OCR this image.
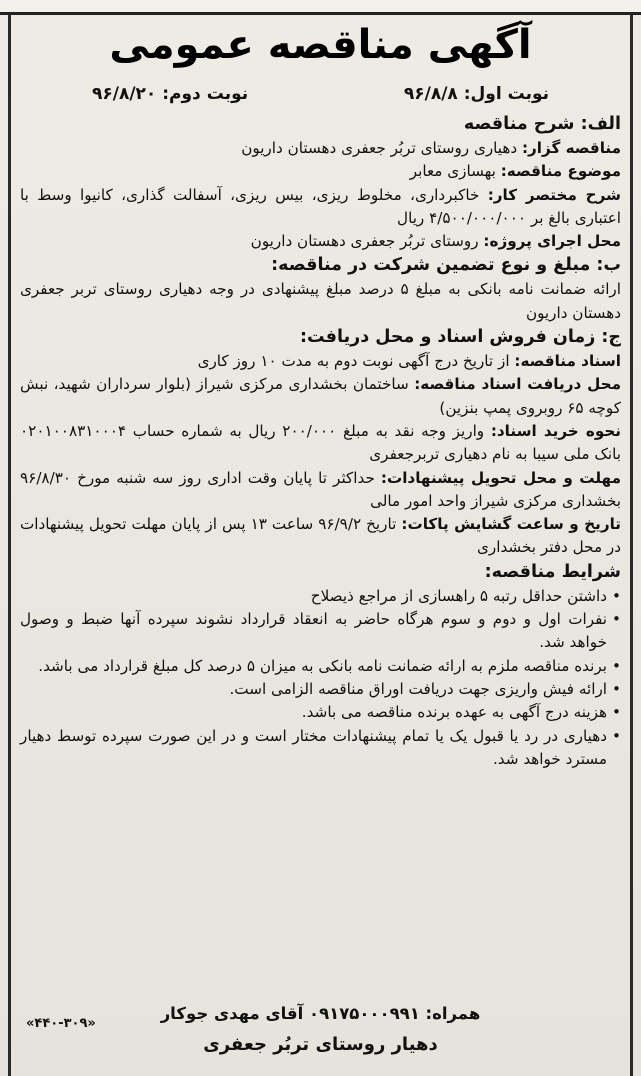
آگهی مناقصه عمومی
نوبت اول: ۹۶/۸/۸
نوبت دوم: ۹۶/۸/۲۰

الف: شرح مناقصه

مناقصه گزار: دهیاری روستای تربُر جعفری دهستان داریون

موضوع مناقصه: بهسازی معابر

شرح مختصر کار: خاکبرداری، مخلوط ریزی، بیس ریزی، آسفالت گذاری، کانیوا وسط با اعتباری بالغ بر ۴/۵۰۰/۰۰۰/۰۰۰ ریال

محل اجرای پروژه: روستای تربُر جعفری دهستان داریون

ب: مبلغ و نوع تضمین شرکت در مناقصه:

ارائه ضمانت نامه بانکی به مبلغ ۵ درصد مبلغ پیشنهادی در وجه دهیاری روستای تربر جعفری دهستان داریون

ج: زمان فروش اسناد و محل دریافت:

اسناد مناقصه: از تاریخ درج آگهی نوبت دوم به مدت ۱۰ روز کاری

محل دریافت اسناد مناقصه: ساختمان بخشداری مرکزی شیراز (بلوار سرداران شهید، نبش کوچه ۶۵ روبروی پمپ بنزین)

نحوه خرید اسناد: واریز وجه نقد به مبلغ ۲۰۰/۰۰۰ ریال به شماره حساب ۰۲۰۱۰۰۸۳۱۰۰۰۴ بانک ملی سیبا به نام دهیاری تربرجعفری

مهلت و محل تحویل پیشنهادات: حداکثر تا پایان وقت اداری روز سه شنبه مورخ ۹۶/۸/۳۰ بخشداری مرکزی شیراز واحد امور مالی

تاریخ و ساعت گشایش پاکات: تاریخ ۹۶/۹/۲ ساعت ۱۳ پس از پایان مهلت تحویل پیشنهادات در محل دفتر بخشداری

شرایط مناقصه:

• داشتن حداقل رتبه ۵ راهسازی از مراجع ذیصلاح

• نفرات اول و دوم و سوم هرگاه حاضر به انعقاد قرارداد نشوند سپرده آنها ضبط و وصول خواهد شد.

• برنده مناقصه ملزم به ارائه ضمانت نامه بانکی به میزان ۵ درصد کل مبلغ قرارداد می باشد.

• ارائه فیش واریزی جهت دریافت اوراق مناقصه الزامی است.

• هزینه درج آگهی به عهده برنده مناقصه می باشد.

• دهیاری در رد یا قبول یک یا تمام پیشنهادات مختار است و در این صورت سپرده توسط دهیار مسترد خواهد شد.

همراه: ۰۹۱۷۵۰۰۰۹۹۱ آقای مهدی جوکار
«۴۴۰-۳۰۹»
دهیار روستای تربُر جعفری
